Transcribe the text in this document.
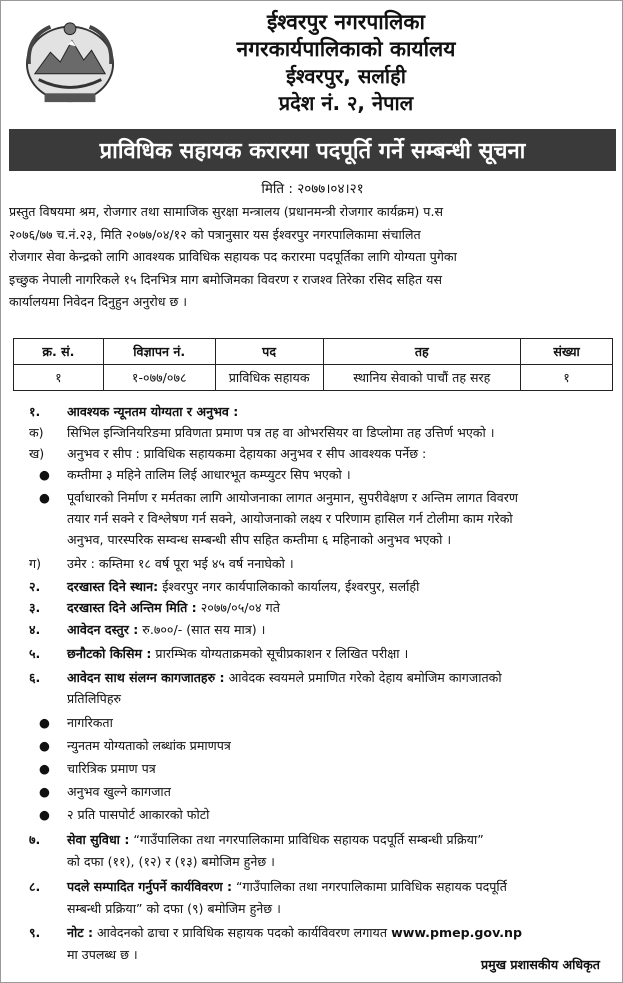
ईश्वरपुर नगरपालिका
नगरकार्यपालिकाको कार्यालय
ईश्वरपुर, सर्लाही
प्रदेश नं. २, नेपाल
प्राविधिक सहायक करारमा पदपूर्ति गर्ने सम्बन्धी सूचना
मिति : २०७७।०४।२१
प्रस्तुत विषयमा श्रम, रोजगार तथा सामाजिक सुरक्षा मन्त्रालय (प्रधानमन्त्री रोजगार कार्यक्रम) प.स
२०७६/७७ च.नं.२३, मिति २०७७/०४/१२ को पत्रानुसार यस ईश्वरपुर नगरपालिकामा संचालित
रोजगार सेवा केन्द्रको लागि आवश्यक प्राविधिक सहायक पद करारमा पदपूर्तिका लागि योग्यता पुगेका
इच्छुक नेपाली नागरिकले १५ दिनभित्र माग बमोजिमका विवरण र राजश्व तिरेका रसिद सहित यस
कार्यालयमा निवेदन दिनुहुन अनुरोध छ ।
क्र. सं.	विज्ञापन नं.	पद	तह	संख्या
१	१-०७७/०७८	प्राविधिक सहायक	स्थानिय सेवाको पाचौं तह सरह	१
१. आवश्यक न्यूनतम योग्यता र अनुभव :
क) सिभिल इन्जिनियरिङमा प्रविणता प्रमाण पत्र तह वा ओभरसियर वा डिप्लोमा तह उत्तिर्ण भएको ।
ख) अनुभव र सीप : प्राविधिक सहायकमा देहायका अनुभव र सीप आवश्यक पर्नेछ :
● कम्तीमा ३ महिने तालिम लिई आधारभूत कम्प्युटर सिप भएको ।
● पूर्वाधारको निर्माण र मर्मतका लागि आयोजनाका लागत अनुमान, सुपरीवेक्षण र अन्तिम लागत विवरण
तयार गर्न सक्ने र विश्लेषण गर्न सक्ने, आयोजनाको लक्ष्य र परिणाम हासिल गर्न टोलीमा काम गरेको
अनुभव, पारस्परिक सम्वन्ध सम्बन्धी सीप सहित कम्तीमा ६ महिनाको अनुभव भएको ।
ग) उमेर : कम्तिमा १८ वर्ष पूरा भई ४५ वर्ष ननाघेको ।
२. दरखास्त दिने स्थान: ईश्वरपुर नगर कार्यपालिकाको कार्यालय, ईश्वरपुर, सर्लाही
३. दरखास्त दिने अन्तिम मिति : २०७७/०५/०४ गते
४. आवेदन दस्तुर : रु.७००/- (सात सय मात्र) ।
५. छनौटको किसिम : प्रारम्भिक योग्यताक्रमको सूचीप्रकाशन र लिखित परीक्षा ।
६. आवेदन साथ संलग्न कागजातहरु : आवेदक स्वयमले प्रमाणित गरेको देहाय बमोजिम कागजातको
प्रतिलिपिहरु
● नागरिकता
● न्युनतम योग्यताको लब्धांक प्रमाणपत्र
● चारित्रिक प्रमाण पत्र
● अनुभव खुल्ने कागजात
● २ प्रति पासपोर्ट आकारको फोटो
७. सेवा सुविधा : “गाउँपालिका तथा नगरपालिकामा प्राविधिक सहायक पदपूर्ति सम्बन्धी प्रक्रिया”
को दफा (११), (१२) र (१३) बमोजिम हुनेछ ।
८. पदले सम्पादित गर्नुपर्ने कार्यविवरण : “गाउँपालिका तथा नगरपालिकामा प्राविधिक सहायक पदपूर्ति
सम्बन्धी प्रक्रिया” को दफा (९) बमोजिम हुनेछ ।
९. नोट : आवेदनको ढाचा र प्राविधिक सहायक पदको कार्यविवरण लगायत www.pmep.gov.np
मा उपलब्ध छ ।
प्रमुख प्रशासकीय अधिकृत
